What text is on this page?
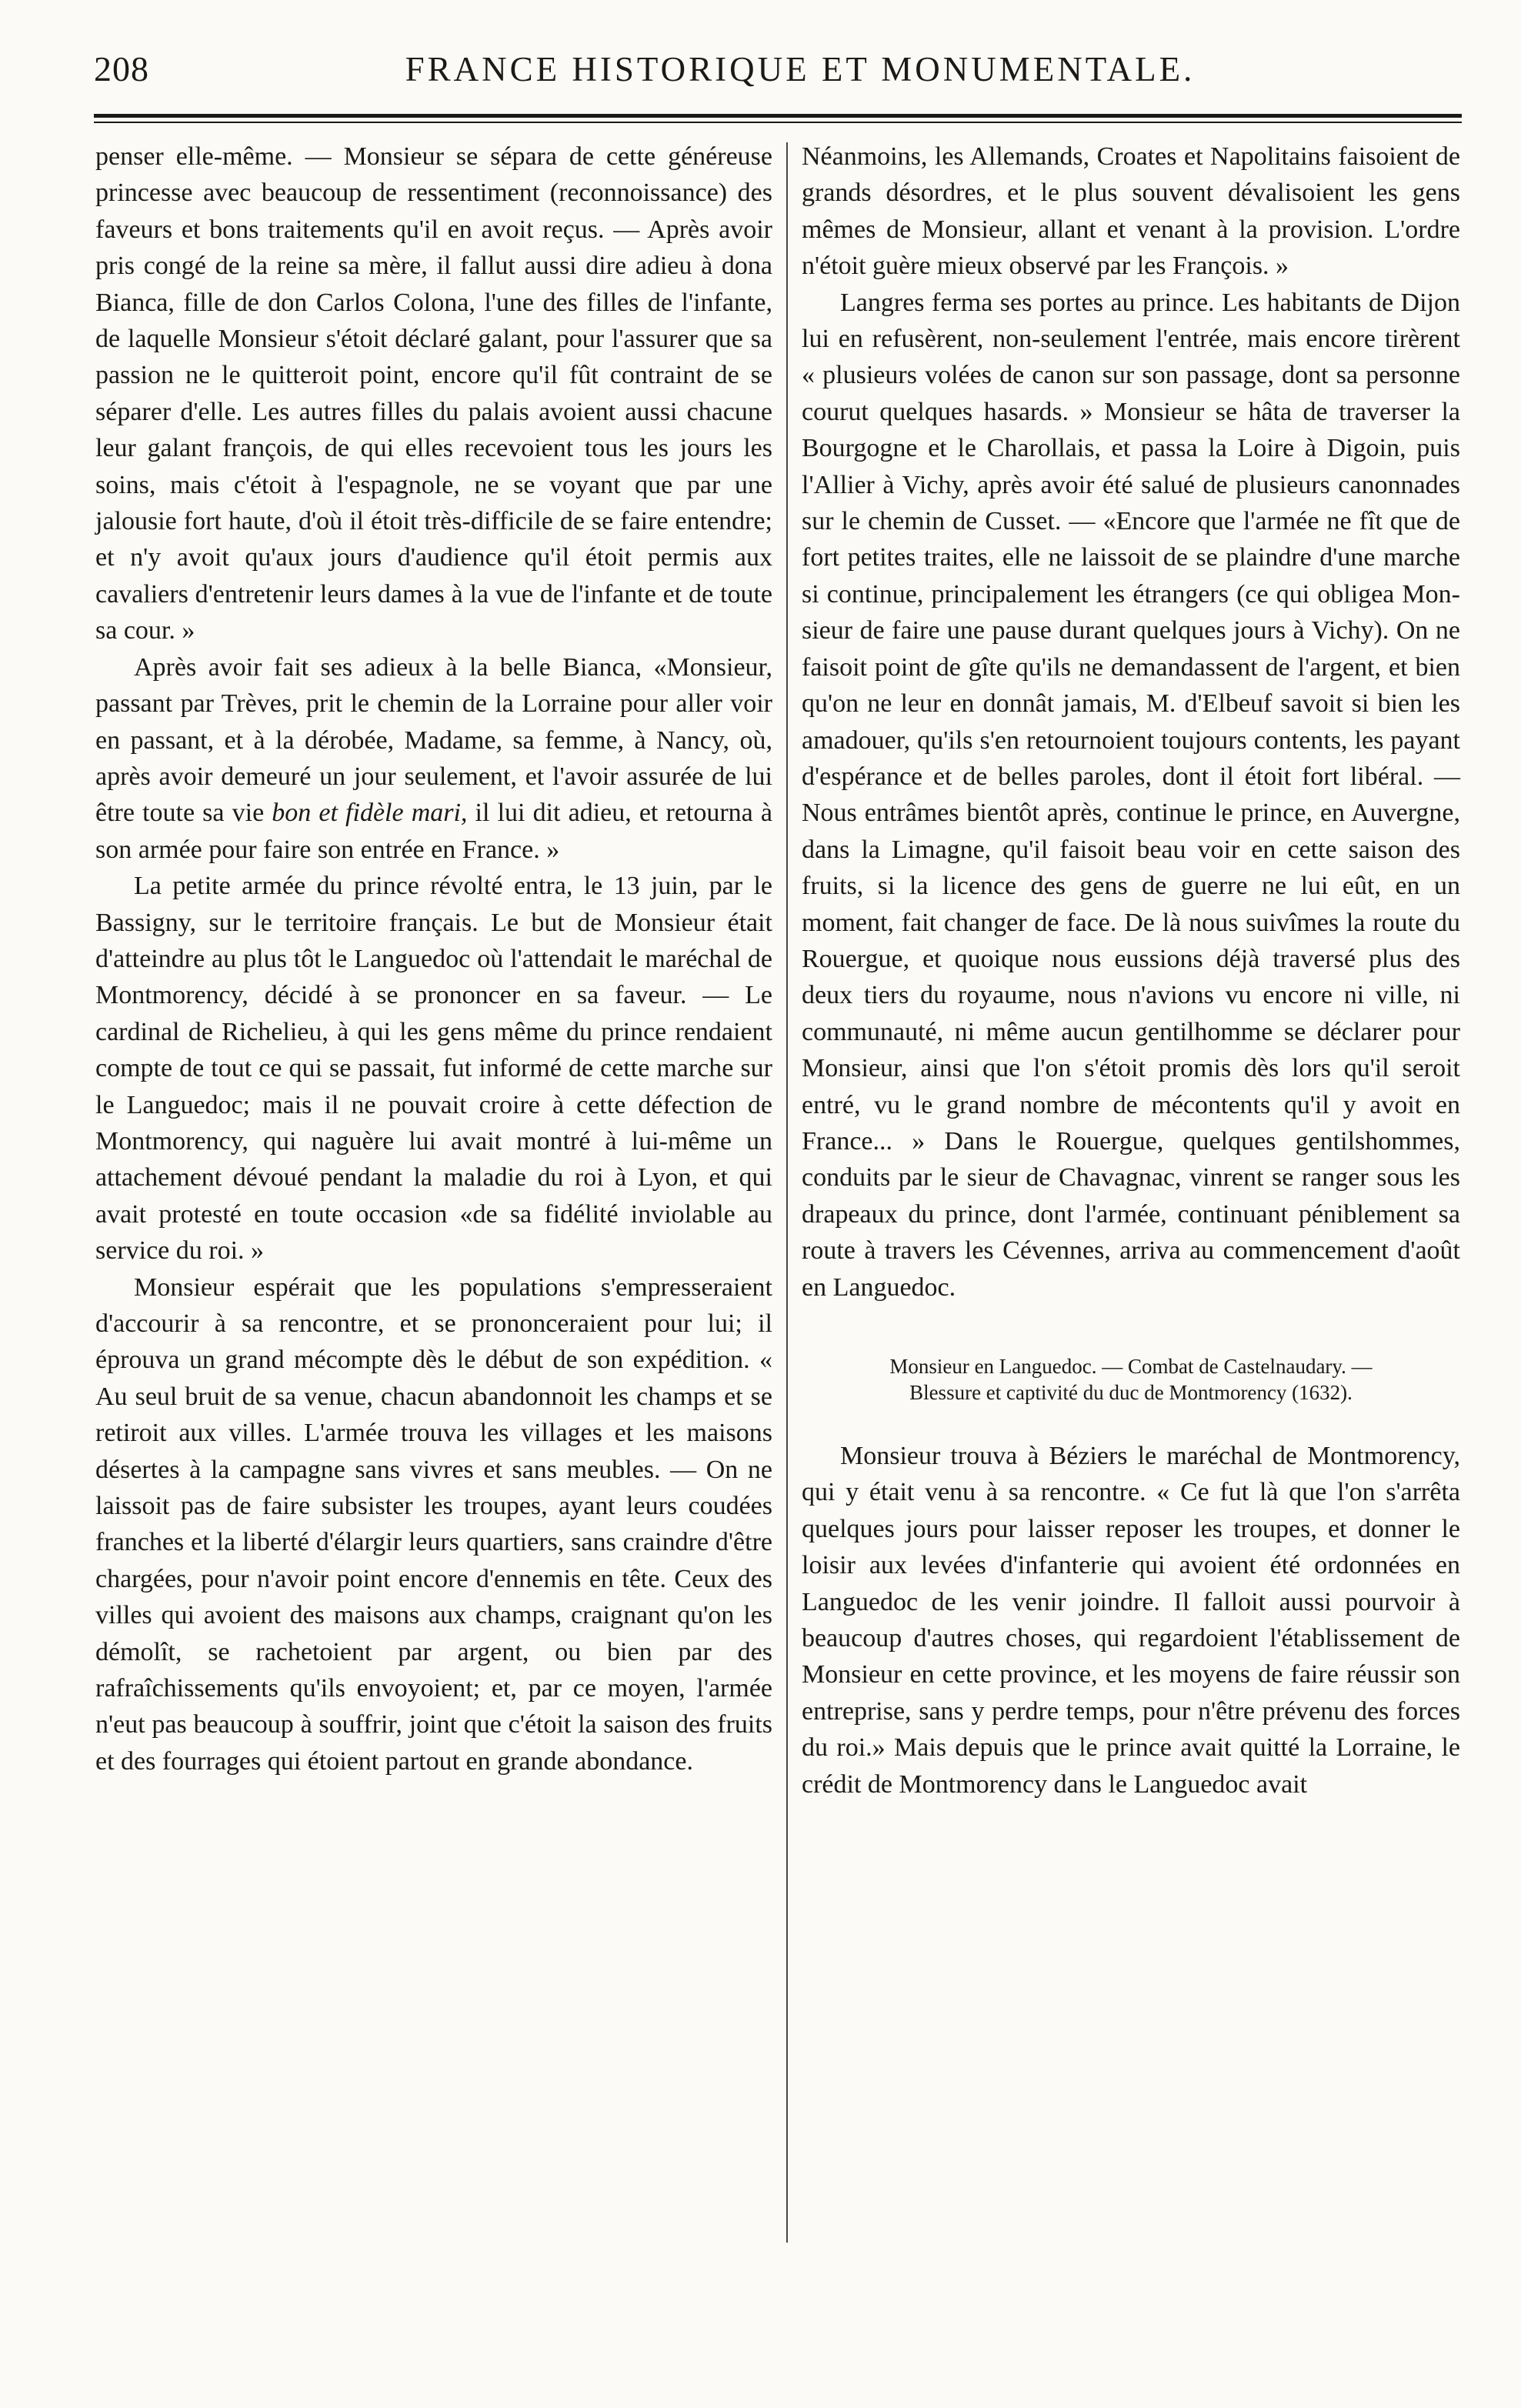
208	FRANCE HISTORIQUE ET MONUMENTALE.

penser elle-même. — Monsieur se sépara de cette généreuse princesse avec beaucoup de ressentiment (reconnoissance) des faveurs et bons traitements qu'il en avoit reçus. — Après avoir pris congé de la reine sa mère, il fallut aussi dire adieu à dona Bianca, fille de don Carlos Colona, l'une des filles de l'infante, de laquelle Monsieur s'étoit déclaré galant, pour l'assurer que sa passion ne le quitteroit point, encore qu'il fût contraint de se séparer d'elle. Les autres filles du palais avoient aussi chacune leur galant françois, de qui elles recevoient tous les jours les soins, mais c'étoit à l'espagnole, ne se voyant que par une jalousie fort haute, d'où il étoit très-difficile de se faire entendre; et n'y avoit qu'aux jours d'audience qu'il étoit permis aux cavaliers d'entretenir leurs dames à la vue de l'infante et de toute sa cour. »

Après avoir fait ses adieux à la belle Bianca, «Monsieur, passant par Trèves, prit le chemin de la Lorraine pour aller voir en passant, et à la dérobée, Madame, sa femme, à Nancy, où, après avoir demeuré un jour seulement, et l'avoir assurée de lui être toute sa vie bon et fidèle mari, il lui dit adieu, et retourna à son armée pour faire son entrée en France. »

La petite armée du prince révolté entra, le 13 juin, par le Bassigny, sur le territoire français. Le but de Monsieur était d'atteindre au plus tôt le Languedoc où l'attendait le maréchal de Montmorency, décidé à se prononcer en sa faveur. — Le cardinal de Richelieu, à qui les gens même du prince rendaient compte de tout ce qui se passait, fut informé de cette marche sur le Languedoc; mais il ne pouvait croire à cette défection de Montmorency, qui naguère lui avait montré à lui-même un attachement dévoué pendant la maladie du roi à Lyon, et qui avait protesté en toute occasion «de sa fidélité inviolable au service du roi. »

Monsieur espérait que les populations s'empresseraient d'accourir à sa rencontre, et se prononceraient pour lui; il éprouva un grand mécompte dès le début de son expédition. « Au seul bruit de sa venue, chacun abandonnoit les champs et se retiroit aux villes. L'armée trouva les villages et les maisons désertes à la campagne sans vivres et sans meubles. — On ne laissoit pas de faire subsister les troupes, ayant leurs coudées franches et la liberté d'élargir leurs quartiers, sans craindre d'être chargées, pour n'avoir point encore d'ennemis en tête. Ceux des villes qui avoient des maisons aux champs, craignant qu'on les démolît, se rachetoient par argent, ou bien par des rafraîchissements qu'ils envoyoient; et, par ce moyen, l'armée n'eut pas beaucoup à souffrir, joint que c'étoit la saison des fruits et des fourrages qui étoient partout en grande abondance.

Néanmoins, les Allemands, Croates et Napolitains faisoient de grands désordres, et le plus souvent dévalisoient les gens mêmes de Monsieur, allant et venant à la provision. L'ordre n'étoit guère mieux observé par les François. »

Langres ferma ses portes au prince. Les habitants de Dijon lui en refusèrent, non-seulement l'entrée, mais encore tirèrent « plusieurs volées de canon sur son passage, dont sa personne courut quelques hasards. » Monsieur se hâta de traverser la Bourgogne et le Charollais, et passa la Loire à Digoin, puis l'Allier à Vichy, après avoir été salué de plusieurs canonnades sur le chemin de Cusset. — «Encore que l'armée ne fît que de fort petites traites, elle ne laissoit de se plaindre d'une marche si continue, principalement les étrangers (ce qui obligea Monsieur de faire une pause durant quelques jours à Vichy). On ne faisoit point de gîte qu'ils ne demandassent de l'argent, et bien qu'on ne leur en donnât jamais, M. d'Elbeuf savoit si bien les amadouer, qu'ils s'en retournoient toujours contents, les payant d'espérance et de belles paroles, dont il étoit fort libéral. — Nous entrâmes bientôt après, continue le prince, en Auvergne, dans la Limagne, qu'il faisoit beau voir en cette saison des fruits, si la licence des gens de guerre ne lui eût, en un moment, fait changer de face. De là nous suivîmes la route du Rouergue, et quoique nous eussions déjà traversé plus des deux tiers du royaume, nous n'avions vu encore ni ville, ni communauté, ni même aucun gentilhomme se déclarer pour Monsieur, ainsi que l'on s'étoit promis dès lors qu'il seroit entré, vu le grand nombre de mécontents qu'il y avoit en France... » Dans le Rouergue, quelques gentilshommes, conduits par le sieur de Chavagnac, vinrent se ranger sous les drapeaux du prince, dont l'armée, continuant péniblement sa route à travers les Cévennes, arriva au commencement d'août en Languedoc.

Monsieur en Languedoc. — Combat de Castelnaudary. —
Blessure et captivité du duc de Montmorency (1632).

Monsieur trouva à Béziers le maréchal de Montmorency, qui y était venu à sa rencontre. « Ce fut là que l'on s'arrêta quelques jours pour laisser reposer les troupes, et donner le loisir aux levées d'infanterie qui avoient été ordonnées en Languedoc de les venir joindre. Il falloit aussi pourvoir à beaucoup d'autres choses, qui regardoient l'établissement de Monsieur en cette province, et les moyens de faire réussir son entreprise, sans y perdre temps, pour n'être prévenu des forces du roi.» Mais depuis que le prince avait quitté la Lorraine, le crédit de Montmorency dans le Languedoc avait
